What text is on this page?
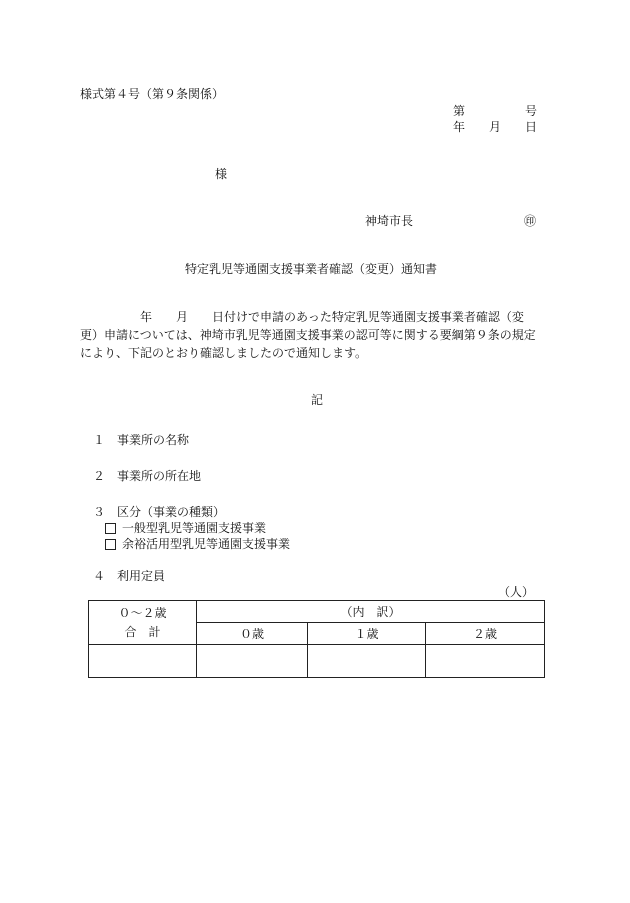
様式第４号（第９条関係）
第	号
年 月 日
様
神埼市長	㊞
特定乳児等通園支援事業者確認（変更）通知書

　　　　　年　　月　　日付けで申請のあった特定乳児等通園支援事業者確認（変

更）申請については、神埼市乳児等通園支援事業の認可等に関する要綱第９条の規定

により、下記のとおり確認しましたので通知します。

記
１　 事業所の名称
２　 事業所の所在地
３　 区分（事業の種類）
一般型乳児等通園支援事業
余裕活用型乳児等通園支援事業
４　 利用定員
（人）
０～２歳
合　計	（内　訳）		
	０歳	１歳	２歳
